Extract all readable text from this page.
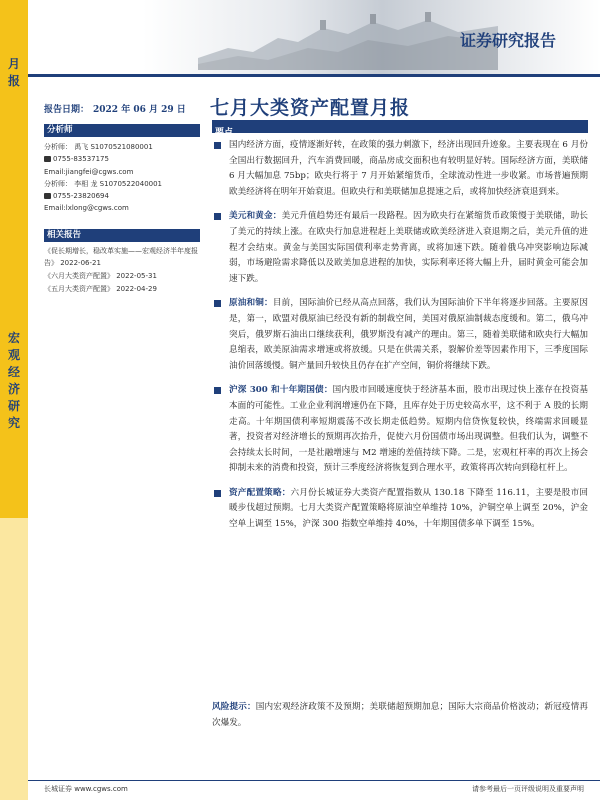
月报
宏观经济研究
证券研究报告
报告日期： 2022 年 06 月 29 日 七月大类资产配置月报
分析师
分析师： 禹飞 S1070521080001
0755-83537175
Email:jiangfei@cgws.com
分析师： 李相 龙 S1070522040001
0755-23820694
Email:lxlong@cgws.com
相关报告
《促长期增长，稳改革实施——宏观经济半年度报告》 2022-06-21
《六月大类资产配置》 2022-05-31
《五月大类资产配置》 2022-04-29
要点

国内经济方面，疫情逐渐好转，在政策的强力刺激下，经济出现回升迹象。主要表现在 6 月份全国出行数据回升，汽车消费回暖，商品房成交面积也有较明显好转。国际经济方面，美联储 6 月大幅加息 75bp；欧央行将于 7 月开始紧缩货币，全球流动性进一步收紧。市场普遍预期欧美经济将在明年开始衰退。但欧央行和美联储加息提速之后，或将加快经济衰退到来。

美元和黄金：美元升值趋势还有最后一段路程。因为欧央行在紧缩货币政策慢于美联储，助长了美元的持续上涨。在欧央行加息进程赶上美联储或欧美经济进入衰退期之后，美元升值的进程才会结束。黄金与美国实际国债利率走势背离，或将加速下跌。随着俄乌冲突影响边际减弱，市场避险需求降低以及欧美加息进程的加快，实际利率还将大幅上升，届时黄金可能会加速下跌。

原油和铜：目前，国际油价已经从高点回落，我们认为国际油价下半年将逐步回落。主要原因是，第一，欧盟对俄原油已经没有新的制裁空间，美国对俄原油制裁态度缓和。第二，俄乌冲突后，俄罗斯石油出口继续获利，俄罗斯没有减产的理由。第三，随着美联储和欧央行大幅加息缩表，欧美原油需求增速或将放缓。只是在供需关系，裂解价差等因素作用下，三季度国际油价回落缓慢。铜产量回升较快且仍存在扩产空间，铜价将继续下跌。

沪深 300 和十年期国债：国内股市回暖速度快于经济基本面，股市出现过快上涨存在投资基本面的可能性。工业企业利润增速仍在下降，且库存处于历史较高水平，这不利于 A 股的长期走高。十年期国债利率短期震荡不改长期走低趋势。短期内信贷恢复较快，终端需求回暖显著，投资者对经济增长的预期再次抬升，促使六月份国债市场出现调整。但我们认为，调整不会持续太长时间，一是社融增速与 M2 增速的差值持续下降。二是，宏观杠杆率的再次上扬会抑制未来的消费和投资，预计三季度经济将恢复到合理水平，政策将再次转向到稳杠杆上。

资产配置策略：六月份长城证券大类资产配置指数从 130.18 下降至 116.11，主要是股市回暖步伐超过预期。七月大类资产配置策略将原油空单维持 10%，沪铜空单上调至 20%，沪金空单上调至 15%，沪深 300 指数空单维持 40%，十年期国债多单下调至 15%。

风险提示：国内宏观经济政策不及预期；美联储超预期加息；国际大宗商品价格波动；新冠疫情再次爆发。
长城证券 www.cgws.com	请参考最后一页评级说明及重要声明
